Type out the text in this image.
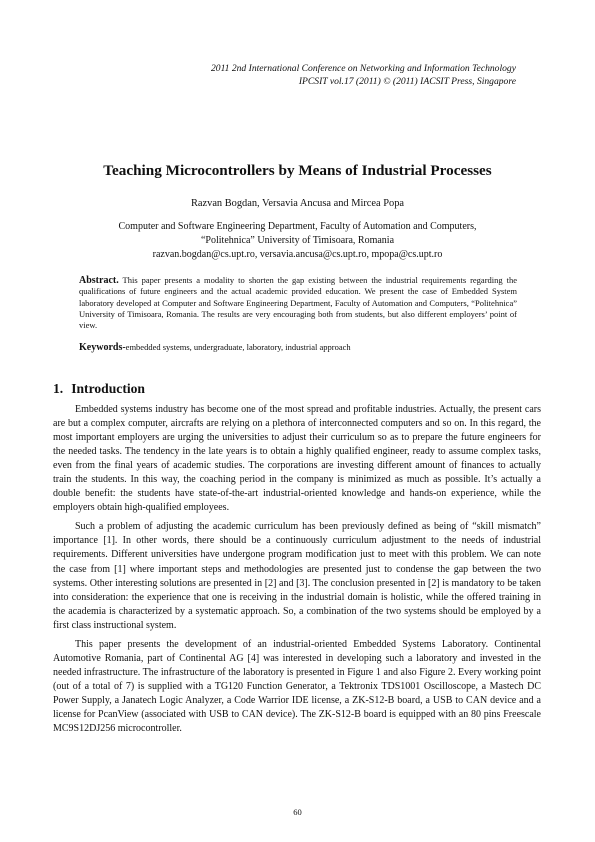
2011 2nd International Conference on Networking and Information Technology
IPCSIT vol.17 (2011) © (2011) IACSIT Press, Singapore
Teaching Microcontrollers by Means of Industrial Processes
Razvan Bogdan, Versavia Ancusa and Mircea Popa
Computer and Software Engineering Department, Faculty of Automation and Computers,
“Politehnica” University of Timisoara, Romania
razvan.bogdan@cs.upt.ro, versavia.ancusa@cs.upt.ro, mpopa@cs.upt.ro
Abstract. This paper presents a modality to shorten the gap existing between the industrial requirements regarding the qualifications of future engineers and the actual academic provided education. We present the case of Embedded System laboratory developed at Computer and Software Engineering Department, Faculty of Automation and Computers, “Politehnica” University of Timisoara, Romania. The results are very encouraging both from students, but also different employers’ point of view.
Keywords-embedded systems, undergraduate, laboratory, industrial approach
1. Introduction

Embedded systems industry has become one of the most spread and profitable industries. Actually, the present cars are but a complex computer, aircrafts are relying on a plethora of interconnected computers and so on. In this regard, the most important employers are urging the universities to adjust their curriculum so as to prepare the future engineers for the needed tasks. The tendency in the late years is to obtain a highly qualified engineer, ready to assume complex tasks, even from the final years of academic studies. The corporations are investing different amount of finances to actually train the students. In this way, the coaching period in the company is minimized as much as possible. It’s actually a double benefit: the students have state-of-the-art industrial-oriented knowledge and hands-on experience, while the employers obtain high-qualified employees.

Such a problem of adjusting the academic curriculum has been previously defined as being of “skill mismatch” importance [1]. In other words, there should be a continuously curriculum adjustment to the needs of industrial requirements. Different universities have undergone program modification just to meet with this problem. We can note the case from [1] where important steps and methodologies are presented just to condense the gap between the two systems. Other interesting solutions are presented in [2] and [3]. The conclusion presented in [2] is mandatory to be taken into consideration: the experience that one is receiving in the industrial domain is holistic, while the offered training in the academia is characterized by a systematic approach. So, a combination of the two systems should be employed by a first class instructional system.

This paper presents the development of an industrial-oriented Embedded Systems Laboratory. Continental Automotive Romania, part of Continental AG [4] was interested in developing such a laboratory and invested in the needed infrastructure. The infrastructure of the laboratory is presented in Figure 1 and also Figure 2. Every working point (out of a total of 7) is supplied with a TG120 Function Generator, a Tektronix TDS1001 Oscilloscope, a Mastech DC Power Supply, a Janatech Logic Analyzer, a Code Warrior IDE license, a ZK-S12-B board, a USB to CAN device and a license for PcanView (associated with USB to CAN device). The ZK-S12-B board is equipped with an 80 pins Freescale MC9S12DJ256 microcontroller.

60
